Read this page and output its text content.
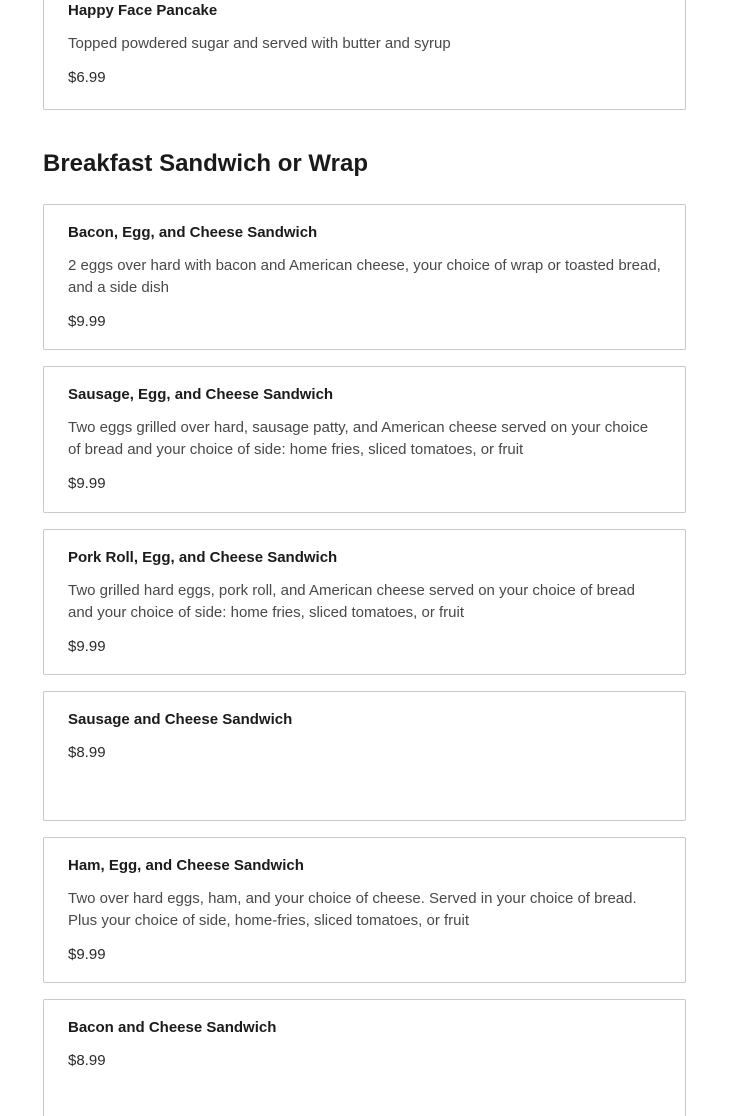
Happy Face Pancake

Topped powdered sugar and served with butter and syrup

$6.99

Breakfast Sandwich or Wrap

Bacon, Egg, and Cheese Sandwich

2 eggs over hard with bacon and American cheese, your choice of wrap or toasted bread, and a side dish

$9.99

Sausage, Egg, and Cheese Sandwich

Two eggs grilled over hard, sausage patty, and American cheese served on your choice of bread and your choice of side: home fries, sliced tomatoes, or fruit

$9.99

Pork Roll, Egg, and Cheese Sandwich

Two grilled hard eggs, pork roll, and American cheese served on your choice of bread and your choice of side: home fries, sliced tomatoes, or fruit

$9.99

Sausage and Cheese Sandwich

$8.99

Ham, Egg, and Cheese Sandwich

Two over hard eggs, ham, and your choice of cheese. Served in your choice of bread. Plus your choice of side, home-fries, sliced tomatoes, or fruit

$9.99

Bacon and Cheese Sandwich

$8.99
